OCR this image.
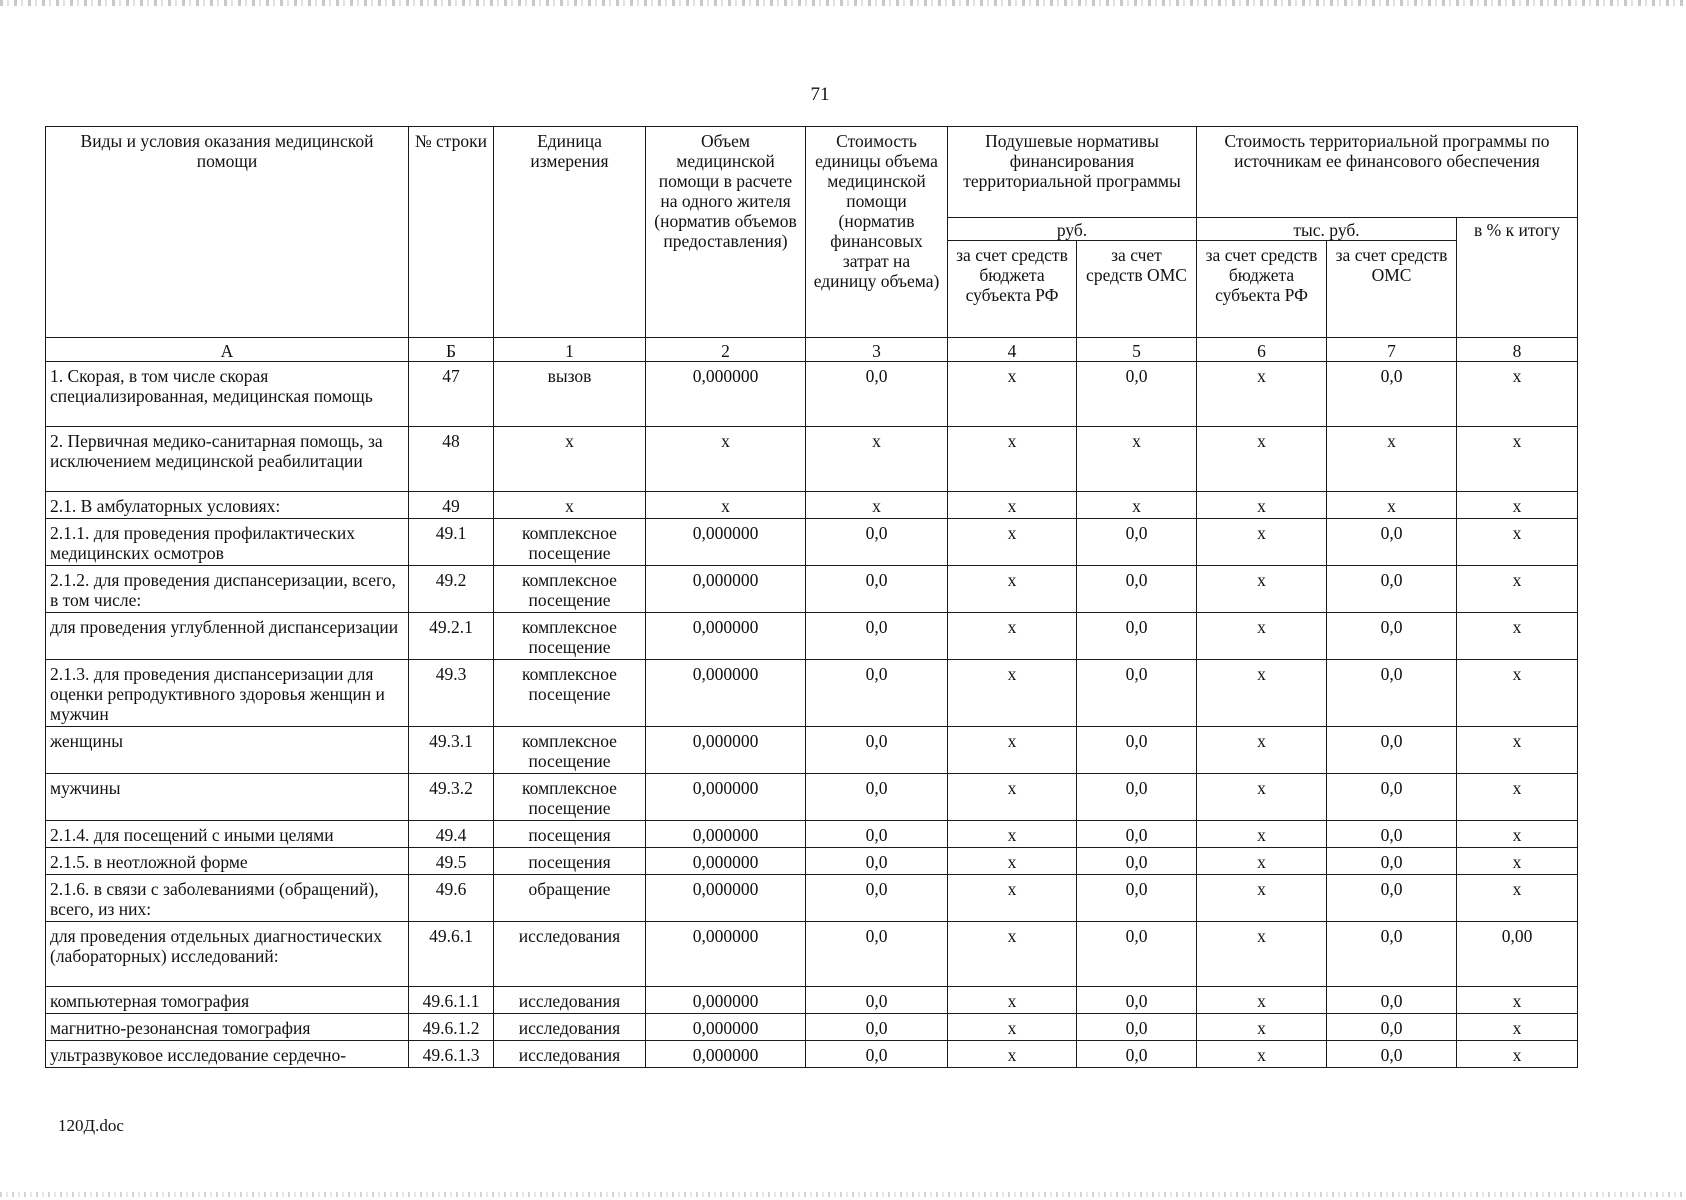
71
Виды и условия оказания медицинской помощи	№ строки	Единица измерения	Объем медицинской помощи в расчете на одного жителя (норматив объемов предоставления)	Стоимость единицы объема медицинской помощи (норматив финансовых затрат на единицу объема)	Подушевые нормативы финансирования территориальной программы		Стоимость территориальной программы по источникам ее финансового обеспечения		
					руб.		тыс. руб.		в % к итогу
					за счет средств бюджета субъекта РФ	за счет средств ОМС	за счет средств бюджета субъекта РФ	за счет средств ОМС	
А	Б	1	2	3	4	5	6	7	8
1. Скорая, в том числе скорая специализированная, медицинская помощь	47	вызов	0,000000	0,0	х	0,0	х	0,0	х
2. Первичная медико-санитарная помощь, за исключением медицинской реабилитации	48	х	х	х	х	х	х	х	х
2.1. В амбулаторных условиях:	49	х	х	х	х	х	х	х	х
2.1.1. для проведения профилактических медицинских осмотров	49.1	комплексное посещение	0,000000	0,0	х	0,0	х	0,0	х
2.1.2. для проведения диспансеризации, всего, в том числе:	49.2	комплексное посещение	0,000000	0,0	х	0,0	х	0,0	х
для проведения углубленной диспансеризации	49.2.1	комплексное посещение	0,000000	0,0	х	0,0	х	0,0	х
2.1.3. для проведения диспансеризации для оценки репродуктивного здоровья женщин и мужчин	49.3	комплексное посещение	0,000000	0,0	х	0,0	х	0,0	х
женщины	49.3.1	комплексное посещение	0,000000	0,0	х	0,0	х	0,0	х
мужчины	49.3.2	комплексное посещение	0,000000	0,0	х	0,0	х	0,0	х
2.1.4. для посещений с иными целями	49.4	посещения	0,000000	0,0	х	0,0	х	0,0	х
2.1.5. в неотложной форме	49.5	посещения	0,000000	0,0	х	0,0	х	0,0	х
2.1.6. в связи с заболеваниями (обращений), всего, из них:	49.6	обращение	0,000000	0,0	х	0,0	х	0,0	х
для проведения отдельных диагностических (лабораторных) исследований:	49.6.1	исследования	0,000000	0,0	х	0,0	х	0,0	0,00
компьютерная томография	49.6.1.1	исследования	0,000000	0,0	х	0,0	х	0,0	х
магнитно-резонансная томография	49.6.1.2	исследования	0,000000	0,0	х	0,0	х	0,0	х
ультразвуковое исследование сердечно-	49.6.1.3	исследования	0,000000	0,0	х	0,0	х	0,0	х
120Д.doc
